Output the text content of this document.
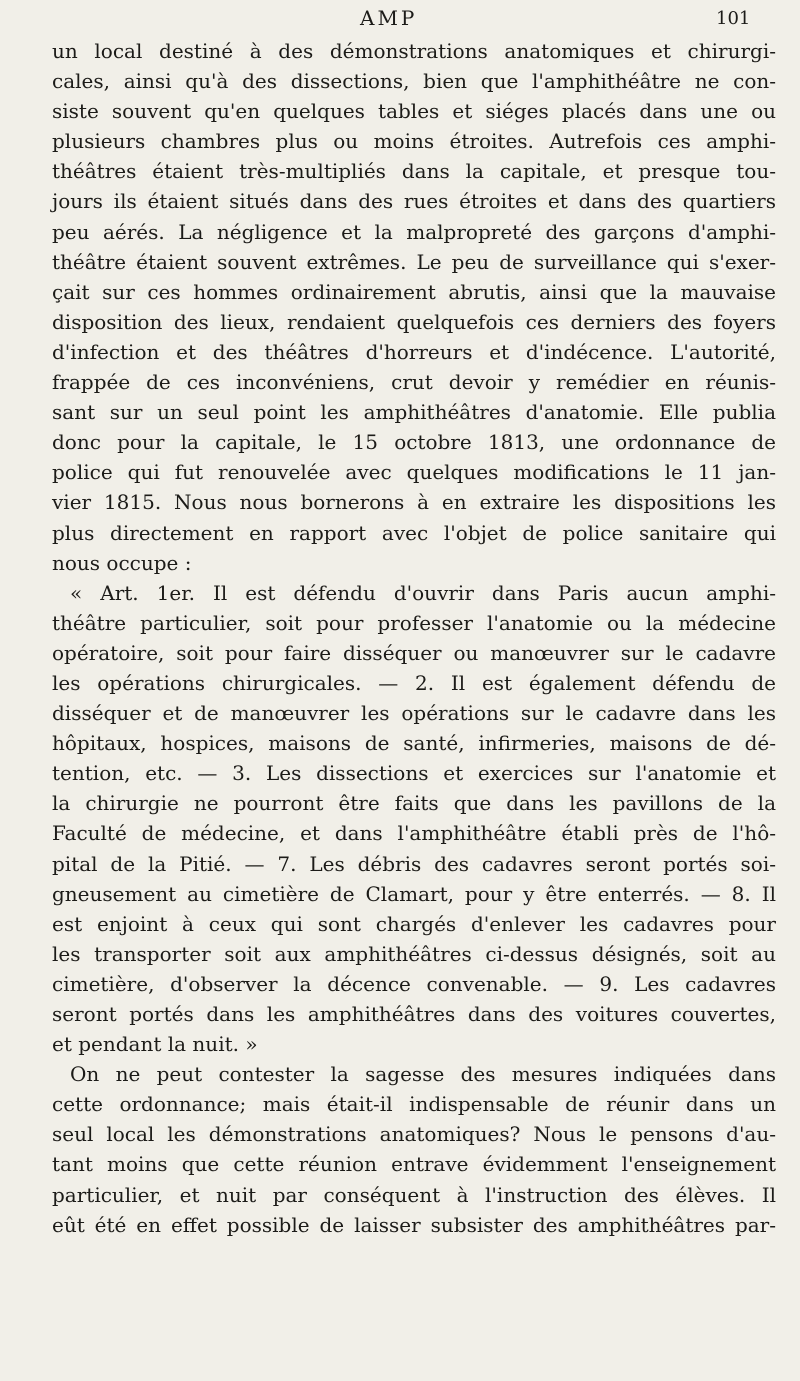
AMP	101
un local destiné à des démonstrations anatomiques et chirurgi-
cales, ainsi qu'à des dissections, bien que l'amphithéâtre ne con-
siste souvent qu'en quelques tables et siéges placés dans une ou
plusieurs chambres plus ou moins étroites. Autrefois ces amphi-
théâtres étaient très-multipliés dans la capitale, et presque tou-
jours ils étaient situés dans des rues étroites et dans des quartiers
peu aérés. La négligence et la malpropreté des garçons d'amphi-
théâtre étaient souvent extrêmes. Le peu de surveillance qui s'exer-
çait sur ces hommes ordinairement abrutis, ainsi que la mauvaise
disposition des lieux, rendaient quelquefois ces derniers des foyers
d'infection et des théâtres d'horreurs et d'indécence. L'autorité,
frappée de ces inconvéniens, crut devoir y remédier en réunis-
sant sur un seul point les amphithéâtres d'anatomie. Elle publia
donc pour la capitale, le 15 octobre 1813, une ordonnance de
police qui fut renouvelée avec quelques modifications le 11 jan-
vier 1815. Nous nous bornerons à en extraire les dispositions les
plus directement en rapport avec l'objet de police sanitaire qui
nous occupe :
« Art. 1er. Il est défendu d'ouvrir dans Paris aucun amphi-
théâtre particulier, soit pour professer l'anatomie ou la médecine
opératoire, soit pour faire disséquer ou manœuvrer sur le cadavre
les opérations chirurgicales. — 2. Il est également défendu de
disséquer et de manœuvrer les opérations sur le cadavre dans les
hôpitaux, hospices, maisons de santé, infirmeries, maisons de dé-
tention, etc. — 3. Les dissections et exercices sur l'anatomie et
la chirurgie ne pourront être faits que dans les pavillons de la
Faculté de médecine, et dans l'amphithéâtre établi près de l'hô-
pital de la Pitié. — 7. Les débris des cadavres seront portés soi-
gneusement au cimetière de Clamart, pour y être enterrés. — 8. Il
est enjoint à ceux qui sont chargés d'enlever les cadavres pour
les transporter soit aux amphithéâtres ci-dessus désignés, soit au
cimetière, d'observer la décence convenable. — 9. Les cadavres
seront portés dans les amphithéâtres dans des voitures couvertes,
et pendant la nuit. »
On ne peut contester la sagesse des mesures indiquées dans
cette ordonnance; mais était-il indispensable de réunir dans un
seul local les démonstrations anatomiques? Nous le pensons d'au-
tant moins que cette réunion entrave évidemment l'enseignement
particulier, et nuit par conséquent à l'instruction des élèves. Il
eût été en effet possible de laisser subsister des amphithéâtres par-
